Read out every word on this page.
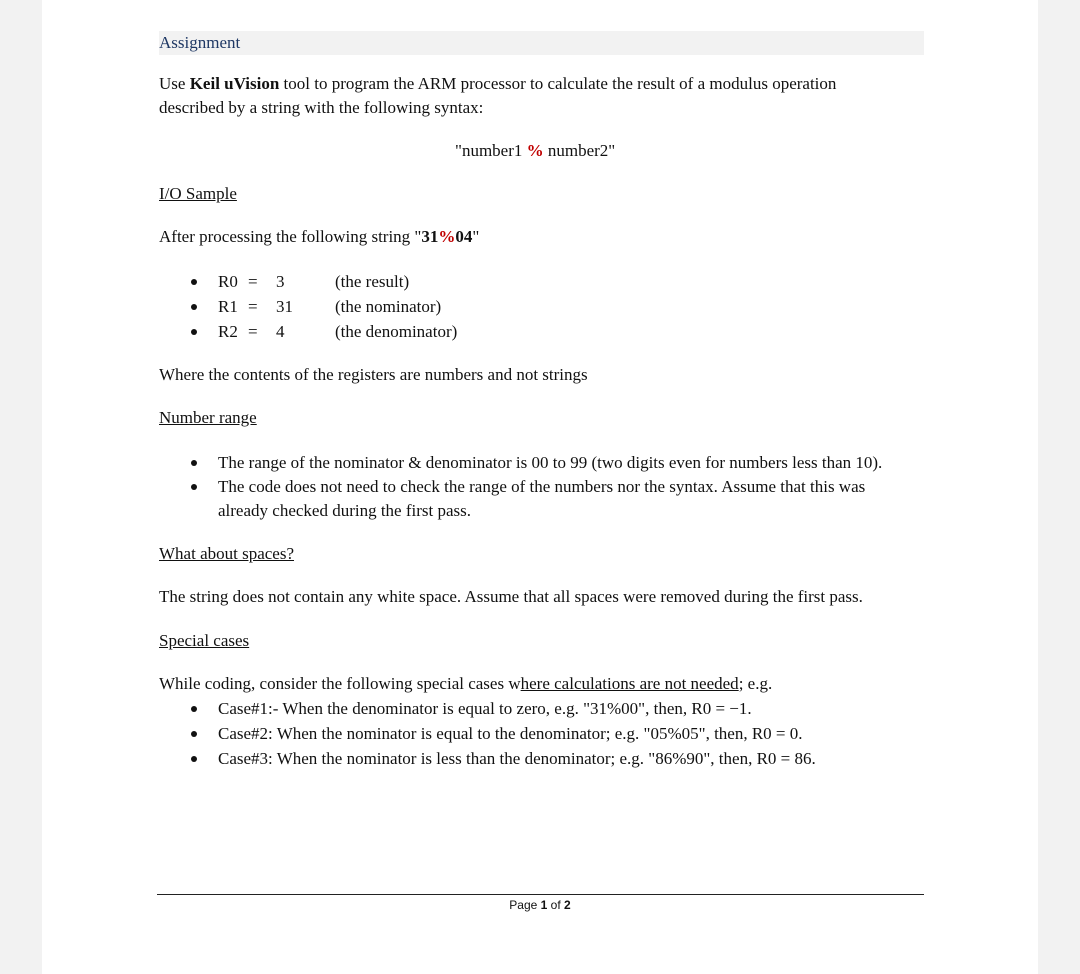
Assignment
Use Keil uVision tool to program the ARM processor to calculate the result of a modulus operation
described by a string with the following syntax:
"number1 % number2"
I/O Sample
After processing the following string "31%04"
R0 = 3	(the result)
R1 = 31 (the nominator)
R2 = 4	(the denominator)
Where the contents of the registers are numbers and not strings
Number range
The range of the nominator & denominator is 00 to 99 (two digits even for numbers less than 10).
The code does not need to check the range of the numbers nor the syntax. Assume that this was
already checked during the first pass.
What about spaces?
The string does not contain any white space. Assume that all spaces were removed during the first pass.
Special cases
While coding, consider the following special cases where calculations are not needed; e.g.
Case#1:- When the denominator is equal to zero, e.g. "31%00", then, R0 = −1.
Case#2: When the nominator is equal to the denominator; e.g. "05%05", then, R0 = 0.
Case#3: When the nominator is less than the denominator; e.g. "86%90", then, R0 = 86.
Page 1 of 2
